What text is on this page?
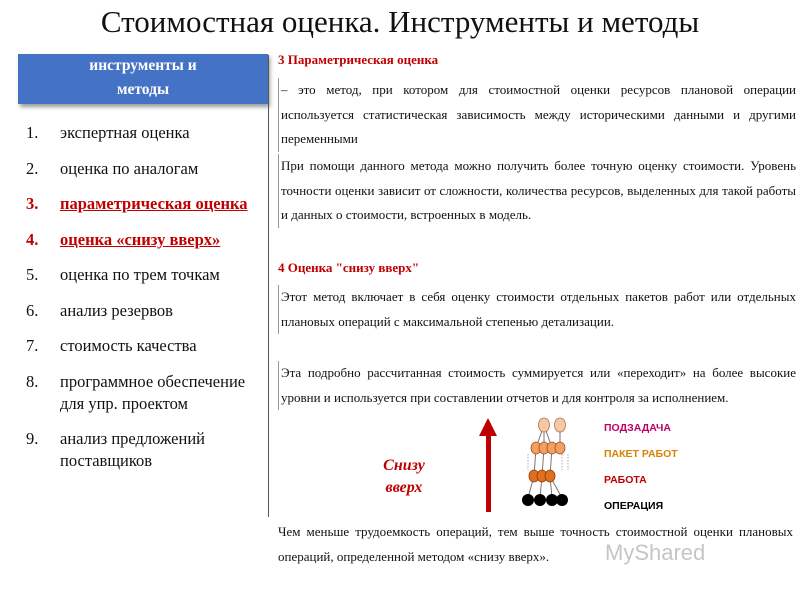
Стоимостная оценка. Инструменты и методы
инструменты и
методы
1. экспертная оценка
2. оценка по аналогам
3. параметрическая оценка
4. оценка «снизу вверх»
5. оценка по трем точкам
6. анализ резервов
7. стоимость качества
8. программное обеспечение для упр. проектом
9. анализ предложений поставщиков
3 Параметрическая оценка
– это метод, при котором для стоимостной оценки ресурсов плановой операции используется статистическая зависимость между историческими данными и другими переменными
При помощи данного метода можно получить более точную оценку стоимости. Уровень точности оценки зависит от сложности, количества ресурсов, выделенных для такой работы и данных о стоимости, встроенных в модель.
4 Оценка "снизу вверх"
Этот метод включает в себя оценку стоимости отдельных пакетов работ или отдельных плановых операций с максимальной степенью детализации.
Эта подробно рассчитанная стоимость суммируется или «переходит» на более высокие уровни и используется при составлении отчетов и для контроля за исполнением.
Чем меньше трудоемкость операций, тем выше точность стоимостной оценки плановых операций, определенной методом «снизу вверх».
Снизу
вверх
ПОДЗАДАЧА
ПАКЕТ РАБОТ
РАБОТА
ОПЕРАЦИЯ
MyShared
